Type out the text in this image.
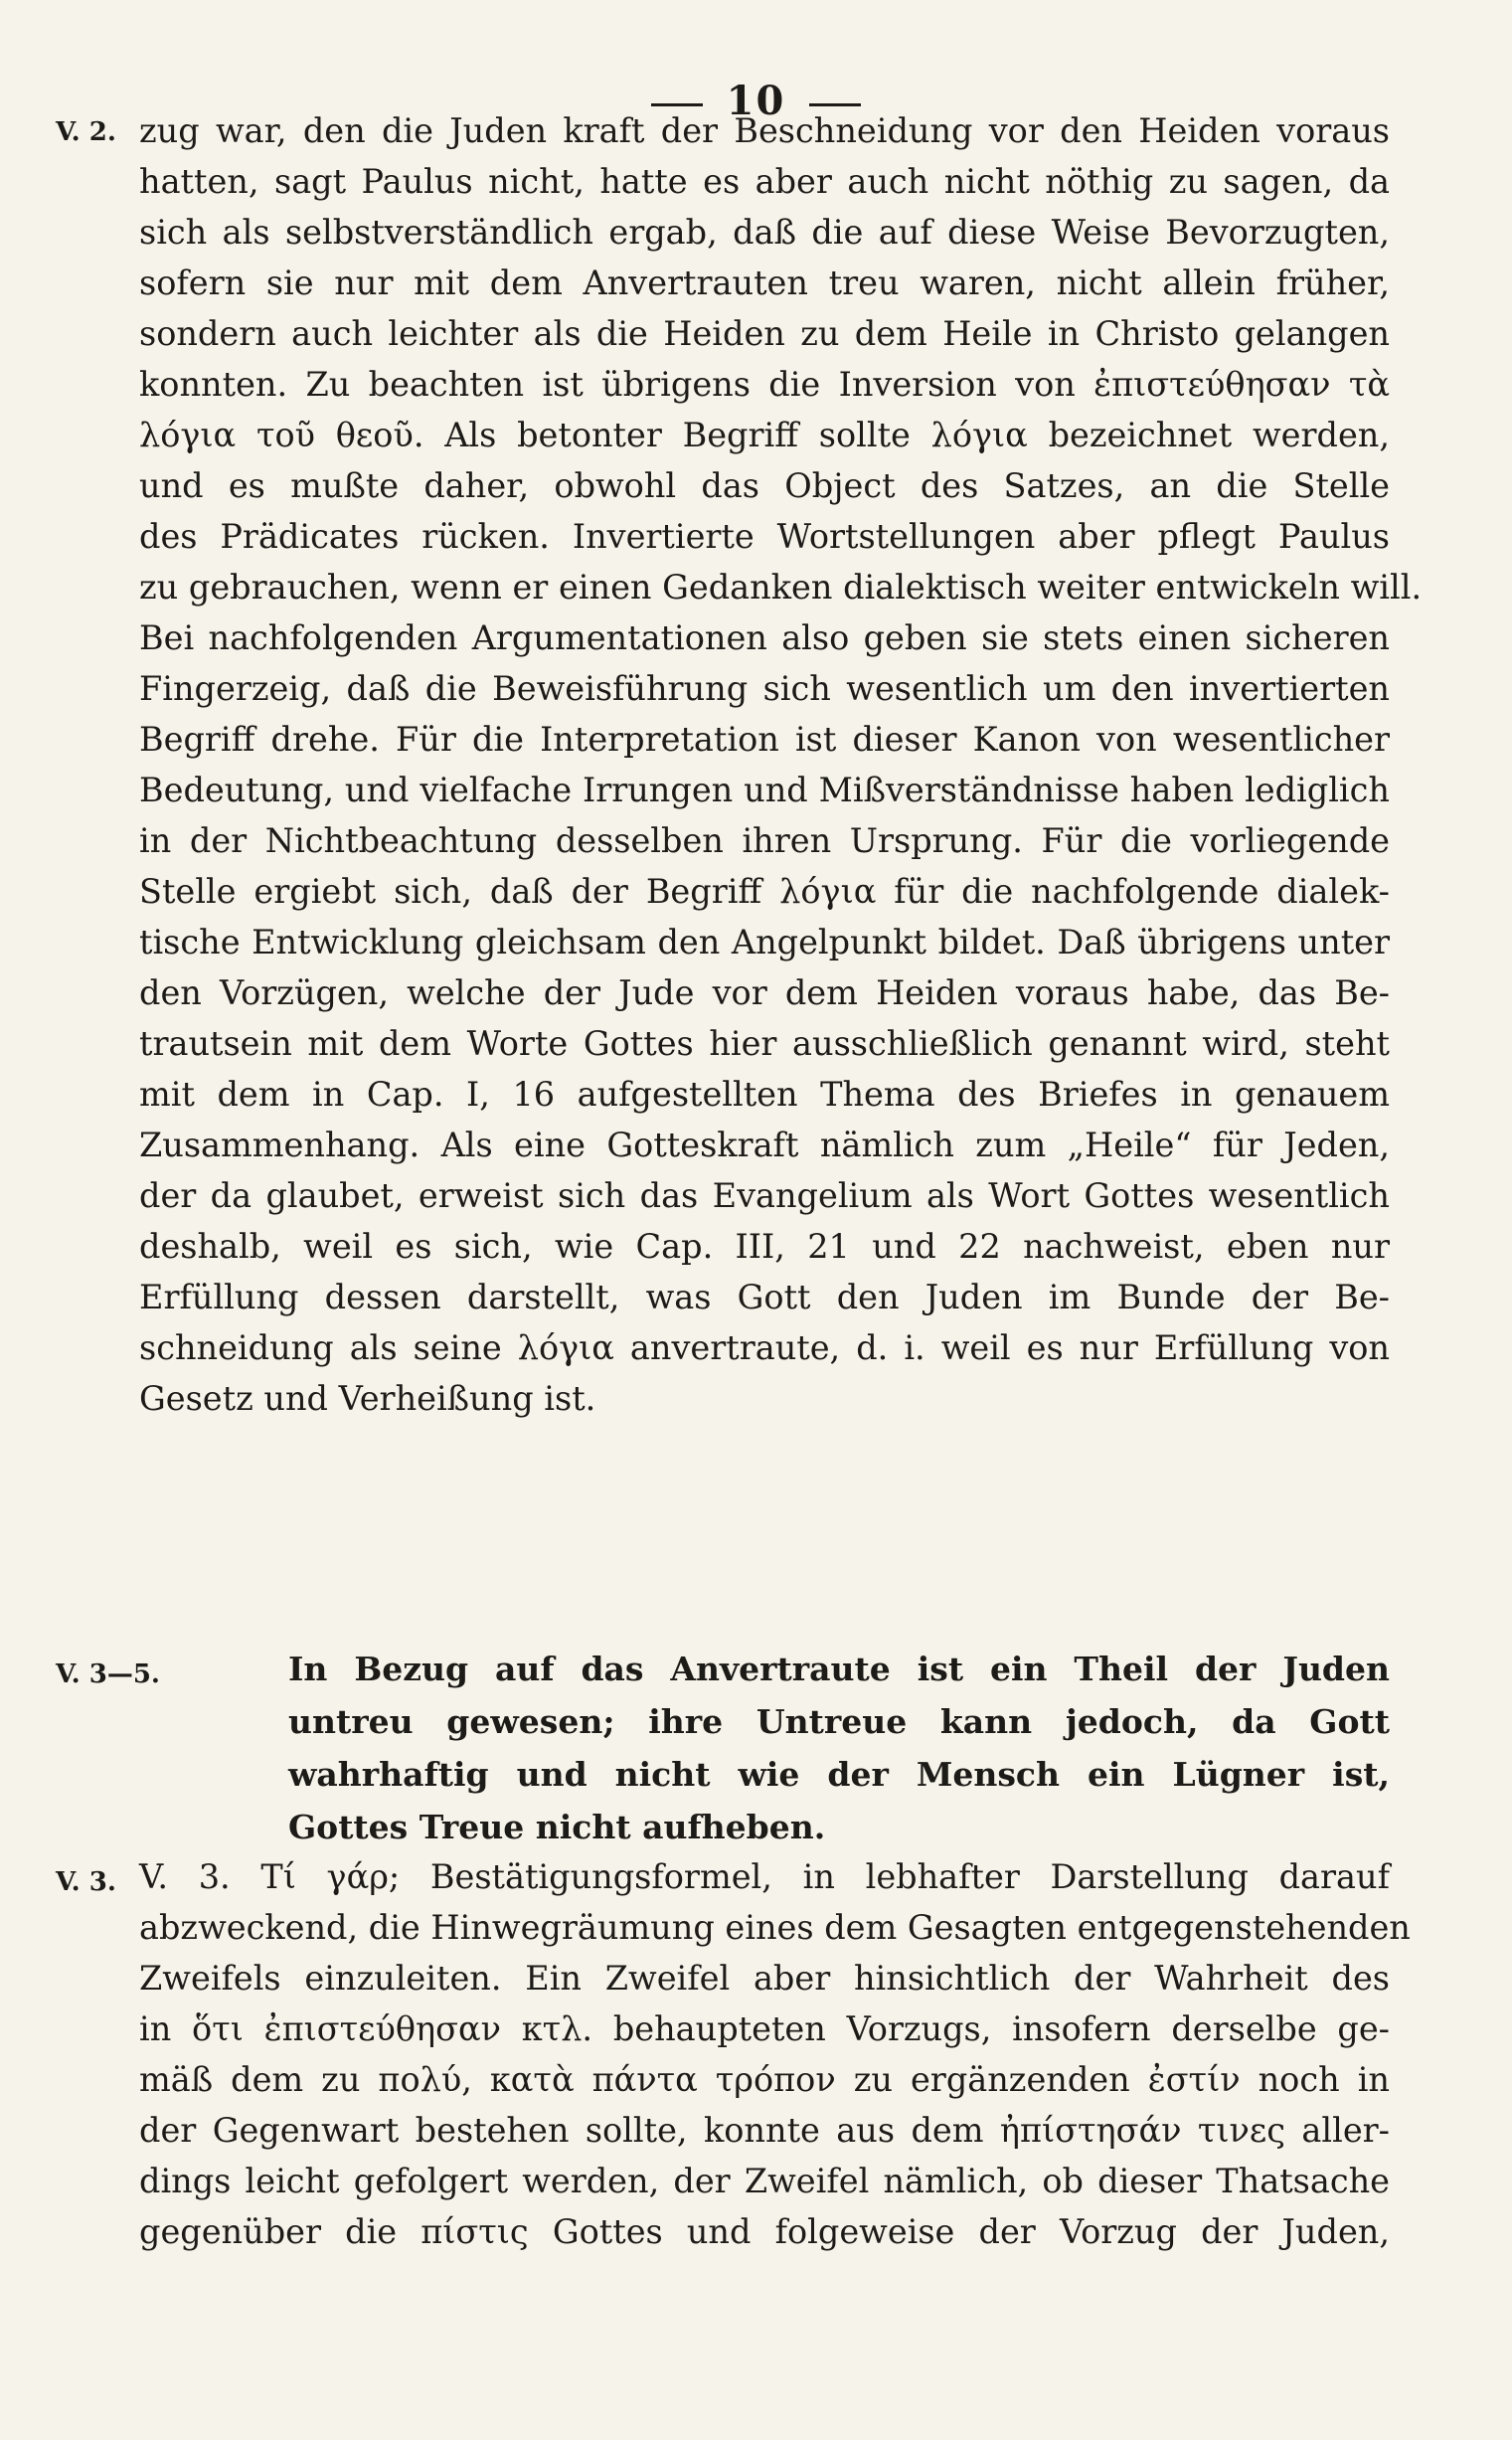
10
V. 2. zug war, den die Juden kraft der Beschneidung vor den Heiden voraus
hatten, sagt Paulus nicht, hatte es aber auch nicht nöthig zu sagen, da
sich als selbstverständlich ergab, daß die auf diese Weise Bevorzugten,
sofern sie nur mit dem Anvertrauten treu waren, nicht allein früher,
sondern auch leichter als die Heiden zu dem Heile in Christo gelangen
konnten. Zu beachten ist übrigens die Inversion von ἐπιστεύθησαν τὰ
λόγια τοῦ θεοῦ. Als betonter Begriff sollte λόγια bezeichnet werden,
und es mußte daher, obwohl das Object des Satzes, an die Stelle
des Prädicates rücken. Invertierte Wortstellungen aber pflegt Paulus
zu gebrauchen, wenn er einen Gedanken dialektisch weiter entwickeln will.
Bei nachfolgenden Argumentationen also geben sie stets einen sicheren
Fingerzeig, daß die Beweisführung sich wesentlich um den invertierten
Begriff drehe. Für die Interpretation ist dieser Kanon von wesentlicher
Bedeutung, und vielfache Irrungen und Mißverständnisse haben lediglich
in der Nichtbeachtung desselben ihren Ursprung. Für die vorliegende
Stelle ergiebt sich, daß der Begriff λόγια für die nachfolgende dialek-
tische Entwicklung gleichsam den Angelpunkt bildet. Daß übrigens unter
den Vorzügen, welche der Jude vor dem Heiden voraus habe, das Be-
trautsein mit dem Worte Gottes hier ausschließlich genannt wird, steht
mit dem in Cap. I, 16 aufgestellten Thema des Briefes in genauem
Zusammenhang. Als eine Gotteskraft nämlich zum „Heile“ für Jeden,
der da glaubet, erweist sich das Evangelium als Wort Gottes wesentlich
deshalb, weil es sich, wie Cap. III, 21 und 22 nachweist, eben nur
Erfüllung dessen darstellt, was Gott den Juden im Bunde der Be-
schneidung als seine λόγια anvertraute, d. i. weil es nur Erfüllung von
Gesetz und Verheißung ist.
V. 3—5.	In Bezug auf das Anvertraute ist ein Theil der Juden
untreu gewesen; ihre Untreue kann jedoch, da Gott
wahrhaftig und nicht wie der Mensch ein Lügner ist,
Gottes Treue nicht aufheben.
V. 3. V. 3. Τί γάρ; Bestätigungsformel, in lebhafter Darstellung darauf
abzweckend, die Hinwegräumung eines dem Gesagten entgegenstehenden
Zweifels einzuleiten. Ein Zweifel aber hinsichtlich der Wahrheit des
in ὅτι ἐπιστεύθησαν κτλ. behaupteten Vorzugs, insofern derselbe ge-
mäß dem zu πολύ, κατὰ πάντα τρόπον zu ergänzenden ἐστίν noch in
der Gegenwart bestehen sollte, konnte aus dem ἠπίστησάν τινες aller-
dings leicht gefolgert werden, der Zweifel nämlich, ob dieser Thatsache
gegenüber die πίστις Gottes und folgeweise der Vorzug der Juden,
